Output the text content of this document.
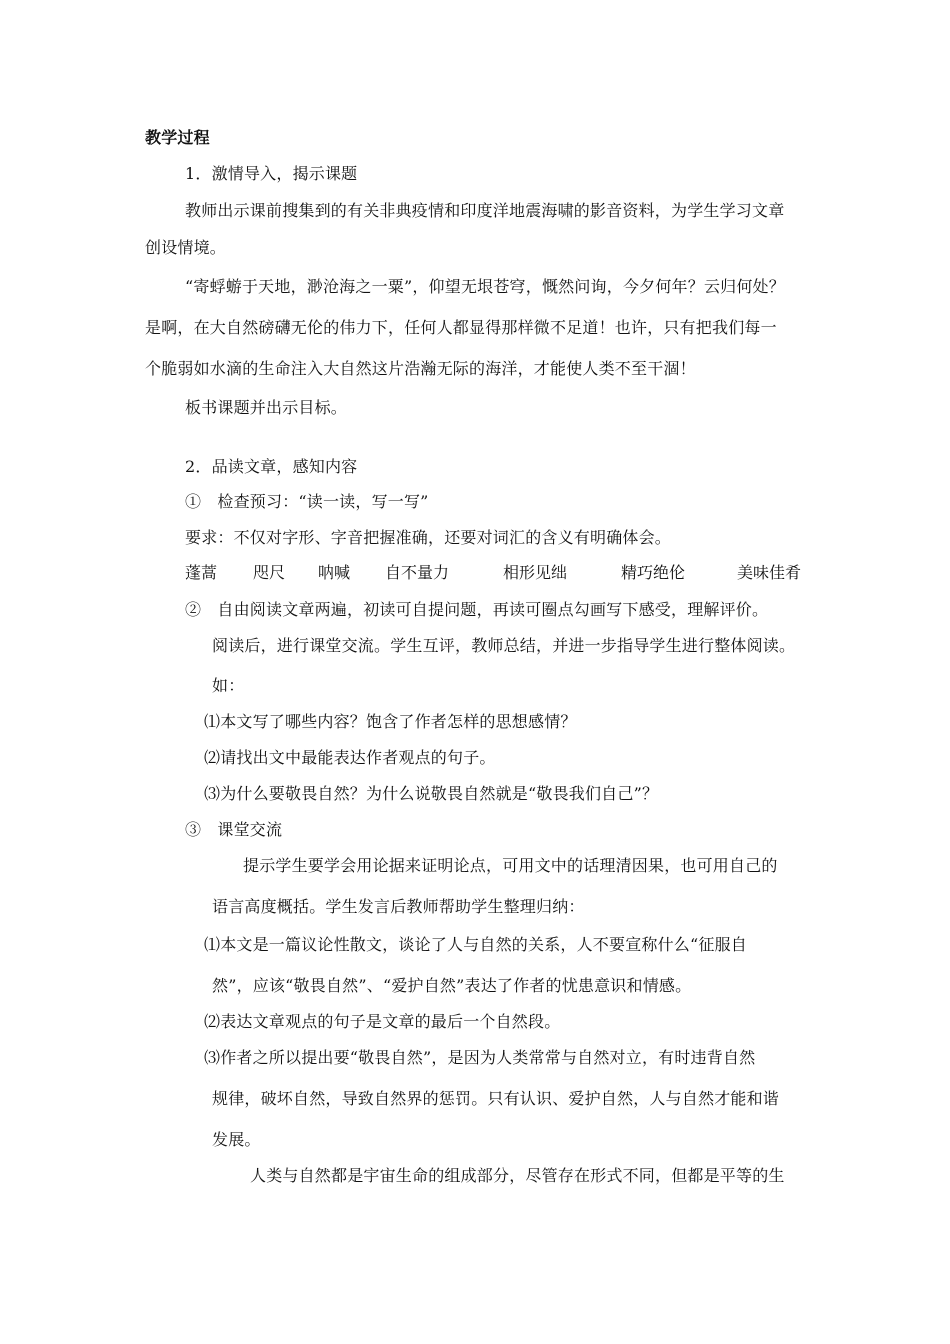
教学过程
1．激情导入，揭示课题
教师出示课前搜集到的有关非典疫情和印度洋地震海啸的影音资料，为学生学习文章
创设情境。
“寄蜉蝣于天地，渺沧海之一粟”，仰望无垠苍穹，慨然问询，今夕何年？云归何处？
是啊，在大自然磅礴无伦的伟力下，任何人都显得那样微不足道！也许，只有把我们每一
个脆弱如水滴的生命注入大自然这片浩瀚无际的海洋，才能使人类不至干涸！
板书课题并出示目标。
2．品读文章，感知内容
①　检查预习：“读一读，写一写”
要求：不仅对字形、字音把握准确，还要对词汇的含义有明确体会。
蓬蒿 咫尺 呐喊 自不量力	相形见绌	精巧绝伦	美味佳肴
②　自由阅读文章两遍，初读可自提问题，再读可圈点勾画写下感受，理解评价。
阅读后，进行课堂交流。学生互评，教师总结，并进一步指导学生进行整体阅读。
如：
⑴本文写了哪些内容？饱含了作者怎样的思想感情？
⑵请找出文中最能表达作者观点的句子。
⑶为什么要敬畏自然？为什么说敬畏自然就是“敬畏我们自己”？
③　课堂交流
提示学生要学会用论据来证明论点，可用文中的话理清因果，也可用自己的
语言高度概括。学生发言后教师帮助学生整理归纳：
⑴本文是一篇议论性散文，谈论了人与自然的关系，人不要宣称什么“征服自
然”，应该“敬畏自然”、“爱护自然”表达了作者的忧患意识和情感。
⑵表达文章观点的句子是文章的最后一个自然段。
⑶作者之所以提出要“敬畏自然”，是因为人类常常与自然对立，有时违背自然
规律，破坏自然，导致自然界的惩罚。只有认识、爱护自然，人与自然才能和谐
发展。
人类与自然都是宇宙生命的组成部分，尽管存在形式不同，但都是平等的生
